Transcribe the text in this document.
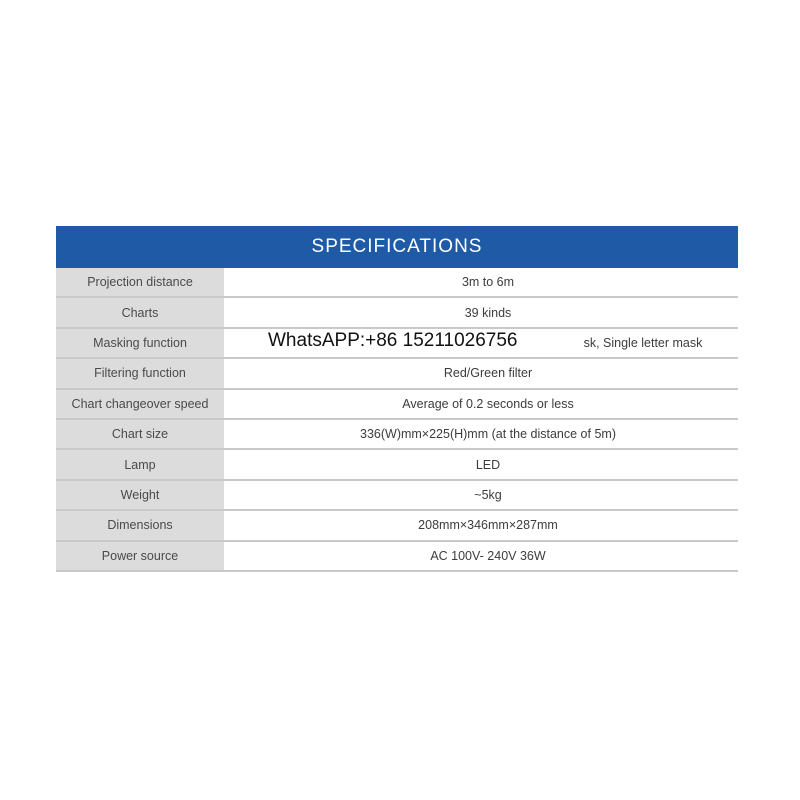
SPECIFICATIONS
Projection distance	3m to 6m
Charts	39 kinds
Masking function	sk, Single letter mask
Filtering function	Red/Green filter
Chart changeover speed	Average of 0.2 seconds or less
Chart size	336(W)mm×225(H)mm (at the distance of 5m)
Lamp	LED
Weight	~5kg
Dimensions	208mm×346mm×287mm
Power source	AC 100V- 240V 36W
WhatsAPP:+86 15211026756
